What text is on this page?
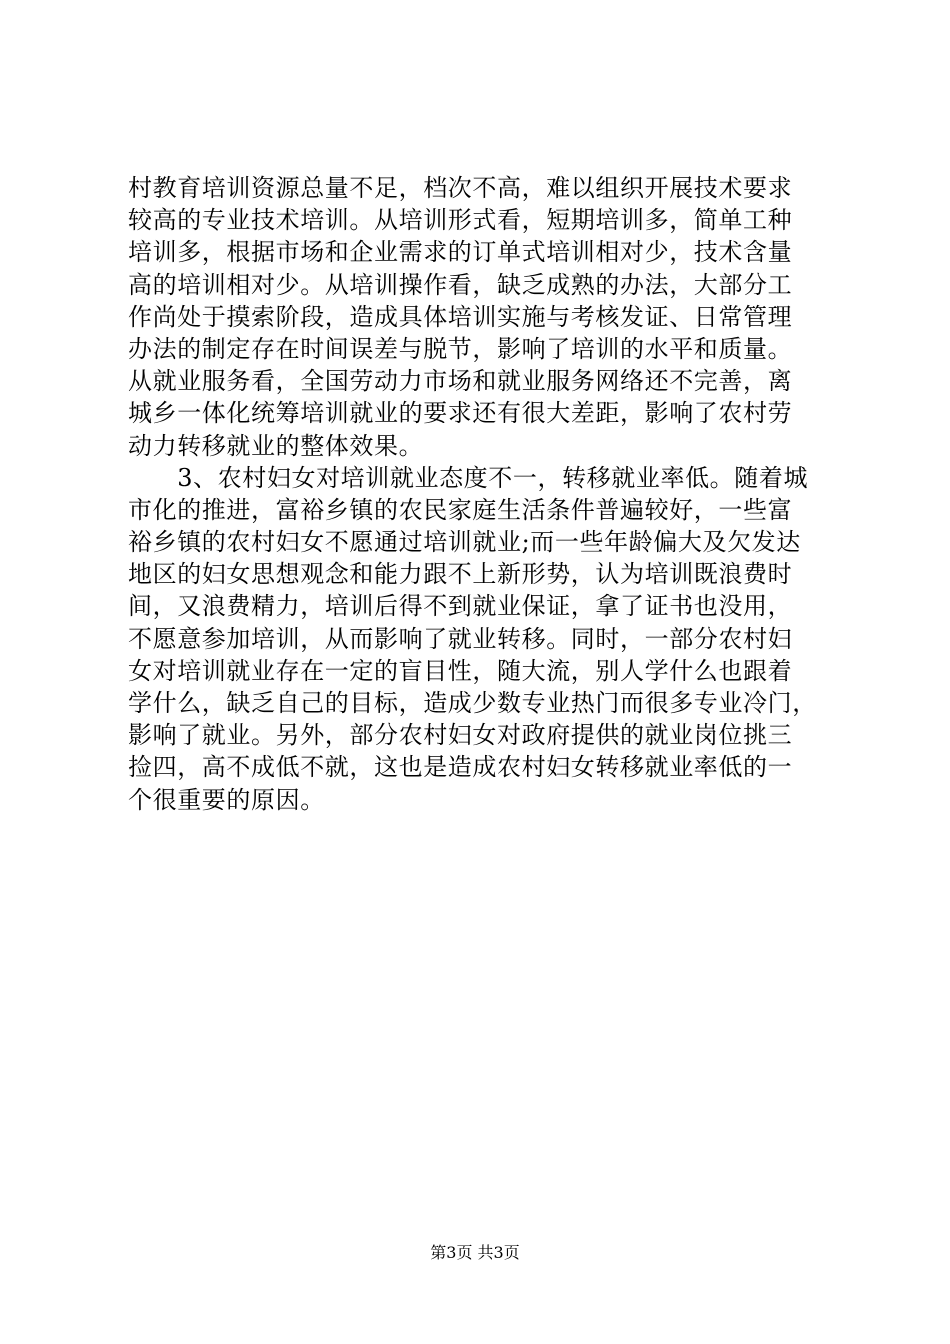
村教育培训资源总量不足，档次不高，难以组织开展技术要求
较高的专业技术培训。从培训形式看，短期培训多，简单工种
培训多，根据市场和企业需求的订单式培训相对少，技术含量
高的培训相对少。从培训操作看，缺乏成熟的办法，大部分工
作尚处于摸索阶段，造成具体培训实施与考核发证、日常管理
办法的制定存在时间误差与脱节，影响了培训的水平和质量。
从就业服务看，全国劳动力市场和就业服务网络还不完善，离
城乡一体化统筹培训就业的要求还有很大差距，影响了农村劳
动力转移就业的整体效果。
　　3、农村妇女对培训就业态度不一，转移就业率低。随着城
市化的推进，富裕乡镇的农民家庭生活条件普遍较好，一些富
裕乡镇的农村妇女不愿通过培训就业;而一些年龄偏大及欠发达
地区的妇女思想观念和能力跟不上新形势，认为培训既浪费时
间，又浪费精力，培训后得不到就业保证，拿了证书也没用，
不愿意参加培训，从而影响了就业转移。同时，一部分农村妇
女对培训就业存在一定的盲目性，随大流，别人学什么也跟着
学什么，缺乏自己的目标，造成少数专业热门而很多专业冷门，
影响了就业。另外，部分农村妇女对政府提供的就业岗位挑三
捡四，高不成低不就，这也是造成农村妇女转移就业率低的一
个很重要的原因。
第3页 共3页
